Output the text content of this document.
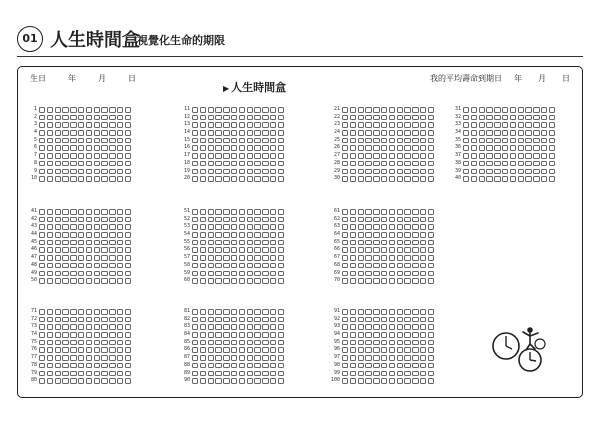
01 人生時間盒
視覺化生命的期限
生日	年	月	日
▶ 人生時間盒
我的平均壽命到期日 年 月 日
1
2
3
4
5
6
7
8
9
10
11
12
13
14
15
16
17
18
19
20
21
22
23
24
25
26
27
28
29
30
31
32
33
34
35
36
37
38
39
40
41
42
43
44
45
46
47
48
49
50
51
52
53
54
55
56
57
58
59
60
61
62
63
64
65
66
67
68
69
70
71
72
73
74
75
76
77
78
79
80
81
82
83
84
85
86
87
88
89
90
91
92
93
94
95
96
97
98
99
100
